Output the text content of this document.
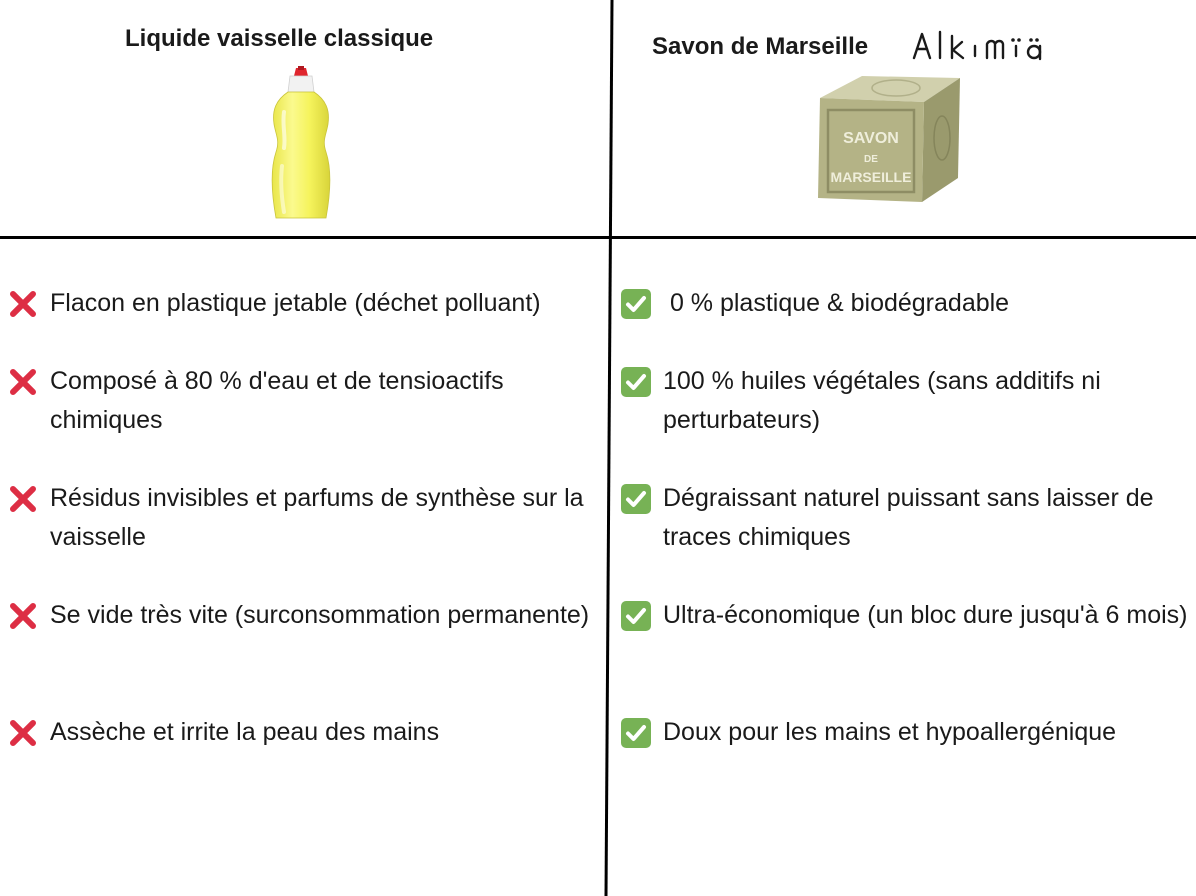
Liquide vaisselle classique	Savon de Marseille
SAVON
DE
MARSEILLE
Flacon en plastique jetable (déchet polluant)
Composé à 80 % d'eau et de tensioactifs chimiques
Résidus invisibles et parfums de synthèse sur la vaisselle
Se vide très vite (surconsommation permanente)
Assèche et irrite la peau des mains
0 % plastique & biodégradable
100 % huiles végétales (sans additifs ni perturbateurs)
Dégraissant naturel puissant sans laisser de traces chimiques
Ultra-économique (un bloc dure jusqu'à 6 mois)
Doux pour les mains et hypoallergénique
